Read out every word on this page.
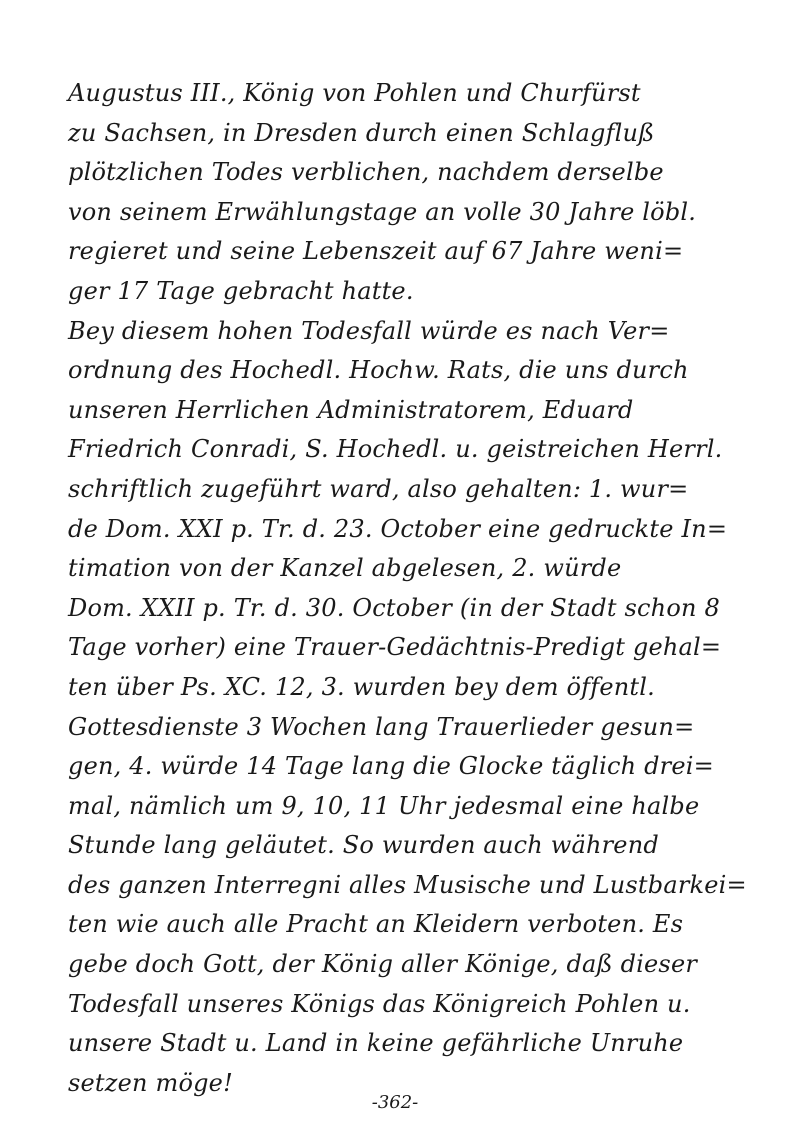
Augustus III., König von Pohlen und Churfürst
zu Sachsen, in Dresden durch einen Schlagfluß
plötzlichen Todes verblichen, nachdem derselbe
von seinem Erwählungstage an volle 30 Jahre löbl.
regieret und seine Lebenszeit auf 67 Jahre weni=
ger 17 Tage gebracht hatte.
Bey diesem hohen Todesfall würde es nach Ver=
ordnung des Hochedl. Hochw. Rats, die uns durch
unseren Herrlichen Administratorem, Eduard
Friedrich Conradi, S. Hochedl. u. geistreichen Herrl.
schriftlich zugeführt ward, also gehalten: 1. wur=
de Dom. XXI p. Tr. d. 23. October eine gedruckte In=
timation von der Kanzel abgelesen, 2. würde
Dom. XXII p. Tr. d. 30. October (in der Stadt schon 8
Tage vorher) eine Trauer-Gedächtnis-Predigt gehal=
ten über Ps. XC. 12, 3. wurden bey dem öffentl.
Gottesdienste 3 Wochen lang Trauerlieder gesun=
gen, 4. würde 14 Tage lang die Glocke täglich drei=
mal, nämlich um 9, 10, 11 Uhr jedesmal eine halbe
Stunde lang geläutet. So wurden auch während
des ganzen Interregni alles Musische und Lustbarkei=
ten wie auch alle Pracht an Kleidern verboten. Es
gebe doch Gott, der König aller Könige, daß dieser
Todesfall unseres Königs das Königreich Pohlen u.
unsere Stadt u. Land in keine gefährliche Unruhe
setzen möge!
-362-
